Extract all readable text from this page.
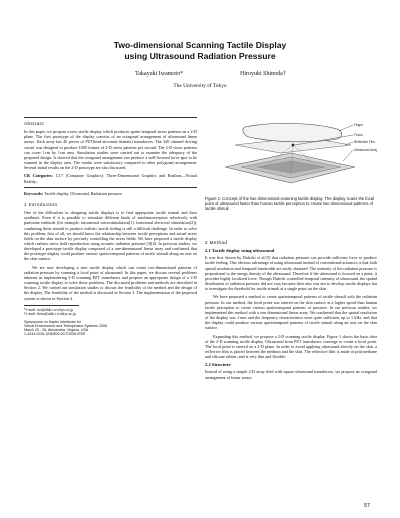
Two-dimensional Scanning Tactile Display
using Ultrasound Radiation Pressure
Takayuki Iwamoto*	Hiroyuki Shinoda†
The University of Tokyo
Abstract

In this paper, we propose a new tactile display which produces spatio-temporal stress patterns on a 2-D plane. The first prototype of the display consists of an octagonal arrangement of ultrasound linear arrays. Each array has 40 pieces of PZT(lead zirconate titanate) transducers. The 320 channel driving circuit was designed to produce 1000 frames of 2-D stress patterns per second. The 2-D stress patterns can cover 1cm by 1cm area. Simulation studies were carried out to examine the adequacy of the proposed design. It showed that the octagonal arrangement can produce a well-focused force spot to be scanned in the display area. The results were satisfactory compared to other polygonal arrangement. Several initial results on the 2-D prototype are also discussed.

CR Categories: I.3.7 [Computer Graphics]: Three-Dimensional Graphics and Realism—Virtual Reality;

Keywords: Tactile display, Ultrasound, Radiation pressure

1 Introduction

One of the difficulties in designing tactile displays is to find appropriate tactile stimuli and their synthesis. Even if it is possible to stimulate different kinds of mechanoreceptors selectively with particular methods (for example, intraneural microstimulation[1], functional electrical stimulation[2]), combining these stimuli to produce realistic tactile feeling is still a difficult challenge. In order to solve this problem, first of all, we should know the relationship between tactile perceptions and actual stress fields on the skin surface by precisely controlling the stress fields. We have proposed a tactile display which realizes stress field reproduction using acoustic radiation pressure [3][4]. In previous studies, we developed a prototype tactile display composed of a one-dimensional linear array and confirmed that the prototype display could produce various spatio-temporal patterns of tactile stimuli along an axis on the skin surface.

We are now developing a new tactile display which can create two-dimensional patterns of radiation pressure by scanning a focal point of ultrasound. In this paper, we discuss several problems inherent in implementing 2-D scanning PZT transducers and propose an appropriate design of a 2-D scanning tactile display to solve these problems. The discussed problems and methods are described in Section 2. We carried out simulation studies to discuss the feasibility of the method and the design of the display. The feasibility of the method is discussed in Section 3. The implementation of the proposed system is shown in Section 4.

*e-mail: iwa@alab.t.u-tokyo.ac.jp
†e-mail: shino@alab.t.u-tokyo.ac.jp
Symposium on Haptic Interfaces for
Virtual Environment and Teleoperator Systems 2006
March 25 - 26, Alexandria, Virginia, USA
1-4244-0226-3/06/$20.00 ©2006 IEEE
Finger
Focus
Reflective Film
Ultrasound Array
Figure 1: Concept of the two dimensional scanning tactile display. The display scans the focal point of ultrasound faster than human tactile perception to create two dimensional patterns of tactile stimuli.
2 Method
2.1 Tactile display using ultrasound

It was first shown by Dalecki et al.[5] that radiation pressure can provide sufficient force to produce tactile feeling. One obvious advantage of using ultrasound instead of conventional actuators is that both spatial resolution and temporal bandwidth are easily obtained. The intensity of the radiation pressure is proportional to the energy density of the ultrasound. Therefore if the ultrasound is focused on a point, it provides highly localized force. Though Dalecki controlled temporal intensity of ultrasound, the spatial distribution of radiation pressure did not vary because their aim was not to develop tactile displays but to investigate the threshold for tactile stimuli at a single point on the skin.

We have proposed a method to create spatiotemporal patterns of tactile stimuli with the radiation pressure. In our method, the focal point was steered on the skin surface at a higher speed than human tactile perception to create various spatiotemporal patterns of pressure. In our previous studies, we implemented this method with a one dimensional linear array. We confirmed that the spatial resolution of the display was 1.mm and the frequency characteristics were quite sufficient, up to 1 kHz, and that the display could produce various spatiotemporal patterns of tactile stimuli along an axis on the skin surface.

Expanding this method, we propose a 2-D scanning tactile display. Figure 1 shows the basic idea of the 2-D scanning tactile display. Ultrasound from PZT transducers converge to create a focal point. The focal point is steered on a 2-D plane. In order to avoid applying ultrasound directly on the skin, a reflective film is placed between the medium and the skin. The reflective film is made of polyurethane and silicone rubber, and is very thin and flexible.

2.2 Structure

Instead of using a simple 2-D array tiled with square ultrasound transducers, we propose an octagonal arrangement of linear arrays

57
